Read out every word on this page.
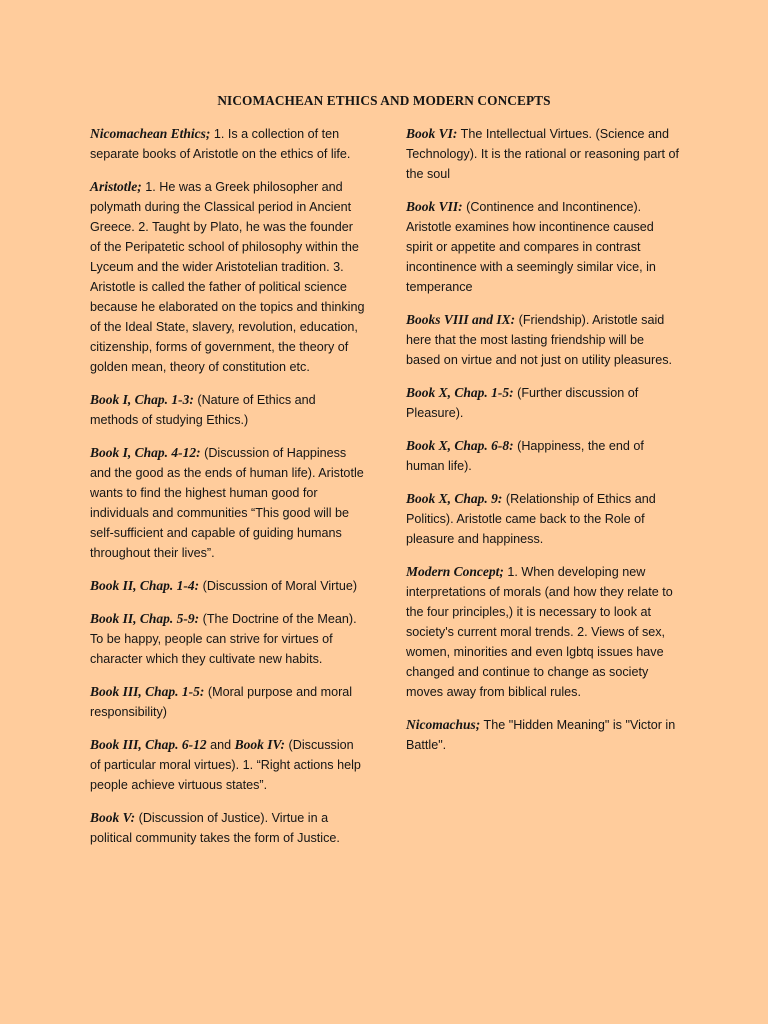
NICOMACHEAN ETHICS AND MODERN CONCEPTS

Nicomachean Ethics; 1. Is a collection of ten separate books of Aristotle on the ethics of life.

Aristotle; 1. He was a Greek philosopher and polymath during the Classical period in Ancient Greece. 2. Taught by Plato, he was the founder of the Peripatetic school of philosophy within the Lyceum and the wider Aristotelian tradition. 3. Aristotle is called the father of political science because he elaborated on the topics and thinking of the Ideal State, slavery, revolution, education, citizenship, forms of government, the theory of golden mean, theory of constitution etc.

Book I, Chap. 1-3: (Nature of Ethics and methods of studying Ethics.)

Book I, Chap. 4-12: (Discussion of Happiness and the good as the ends of human life). Aristotle wants to find the highest human good for individuals and communities “This good will be self-sufficient and capable of guiding humans throughout their lives”.

Book II, Chap. 1-4: (Discussion of Moral Virtue)

Book II, Chap. 5-9: (The Doctrine of the Mean). To be happy, people can strive for virtues of character which they cultivate new habits.

Book III, Chap. 1-5: (Moral purpose and moral responsibility)

Book III, Chap. 6-12 and Book IV: (Discussion of particular moral virtues). 1. “Right actions help people achieve virtuous states”.

Book V: (Discussion of Justice). Virtue in a political community takes the form of Justice.

Book VI: The Intellectual Virtues. (Science and Technology). It is the rational or reasoning part of the soul

Book VII: (Continence and Incontinence). Aristotle examines how incontinence caused spirit or appetite and compares in contrast incontinence with a seemingly similar vice, in temperance

Books VIII and IX: (Friendship). Aristotle said here that the most lasting friendship will be based on virtue and not just on utility pleasures.

Book X, Chap. 1-5: (Further discussion of Pleasure).

Book X, Chap. 6-8: (Happiness, the end of human life).

Book X, Chap. 9: (Relationship of Ethics and Politics). Aristotle came back to the Role of pleasure and happiness.

Modern Concept; 1. When developing new interpretations of morals (and how they relate to the four principles,) it is necessary to look at society's current moral trends. 2. Views of sex, women, minorities and even lgbtq issues have changed and continue to change as society moves away from biblical rules.

Nicomachus; The "Hidden Meaning" is "Victor in Battle".
